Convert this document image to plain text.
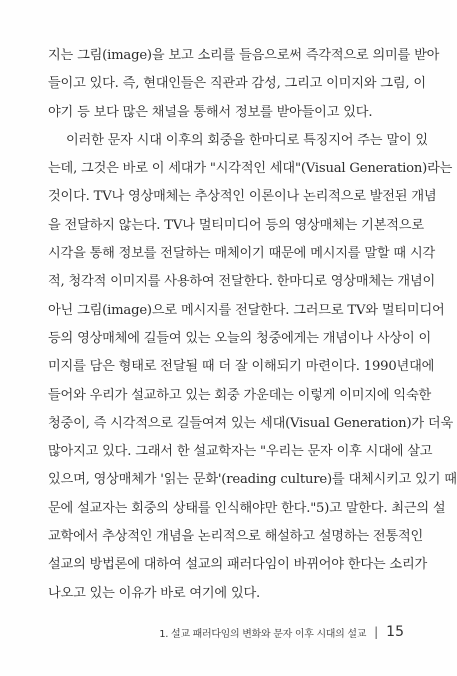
지는 그림(image)을 보고 소리를 들음으로써 즉각적으로 의미를 받아
들이고 있다. 즉, 현대인들은 직관과 감성, 그리고 이미지와 그림, 이
야기 등 보다 많은 채널을 통해서 정보를 받아들이고 있다.
이러한 문자 시대 이후의 회중을 한마디로 특징지어 주는 말이 있
는데, 그것은 바로 이 세대가 "시각적인 세대"(Visual Generation)라는
것이다. TV나 영상매체는 추상적인 이론이나 논리적으로 발전된 개념
을 전달하지 않는다. TV나 멀티미디어 등의 영상매체는 기본적으로
시각을 통해 정보를 전달하는 매체이기 때문에 메시지를 말할 때 시각
적, 청각적 이미지를 사용하여 전달한다. 한마디로 영상매체는 개념이
아닌 그림(image)으로 메시지를 전달한다. 그러므로 TV와 멀티미디어
등의 영상매체에 길들여 있는 오늘의 청중에게는 개념이나 사상이 이
미지를 담은 형태로 전달될 때 더 잘 이해되기 마련이다. 1990년대에
들어와 우리가 설교하고 있는 회중 가운데는 이렇게 이미지에 익숙한
청중이, 즉 시각적으로 길들여져 있는 세대(Visual Generation)가 더욱
많아지고 있다. 그래서 한 설교학자는 "우리는 문자 이후 시대에 살고
있으며, 영상매체가 '읽는 문화'(reading culture)를 대체시키고 있기 때
문에 설교자는 회중의 상태를 인식해야만 한다."5)고 말한다. 최근의 설
교학에서 추상적인 개념을 논리적으로 해설하고 설명하는 전통적인
설교의 방법론에 대하여 설교의 패러다임이 바뀌어야 한다는 소리가
나오고 있는 이유가 바로 여기에 있다.
1. 설교 패러다임의 변화와 문자 이후 시대의 설교 | 15
